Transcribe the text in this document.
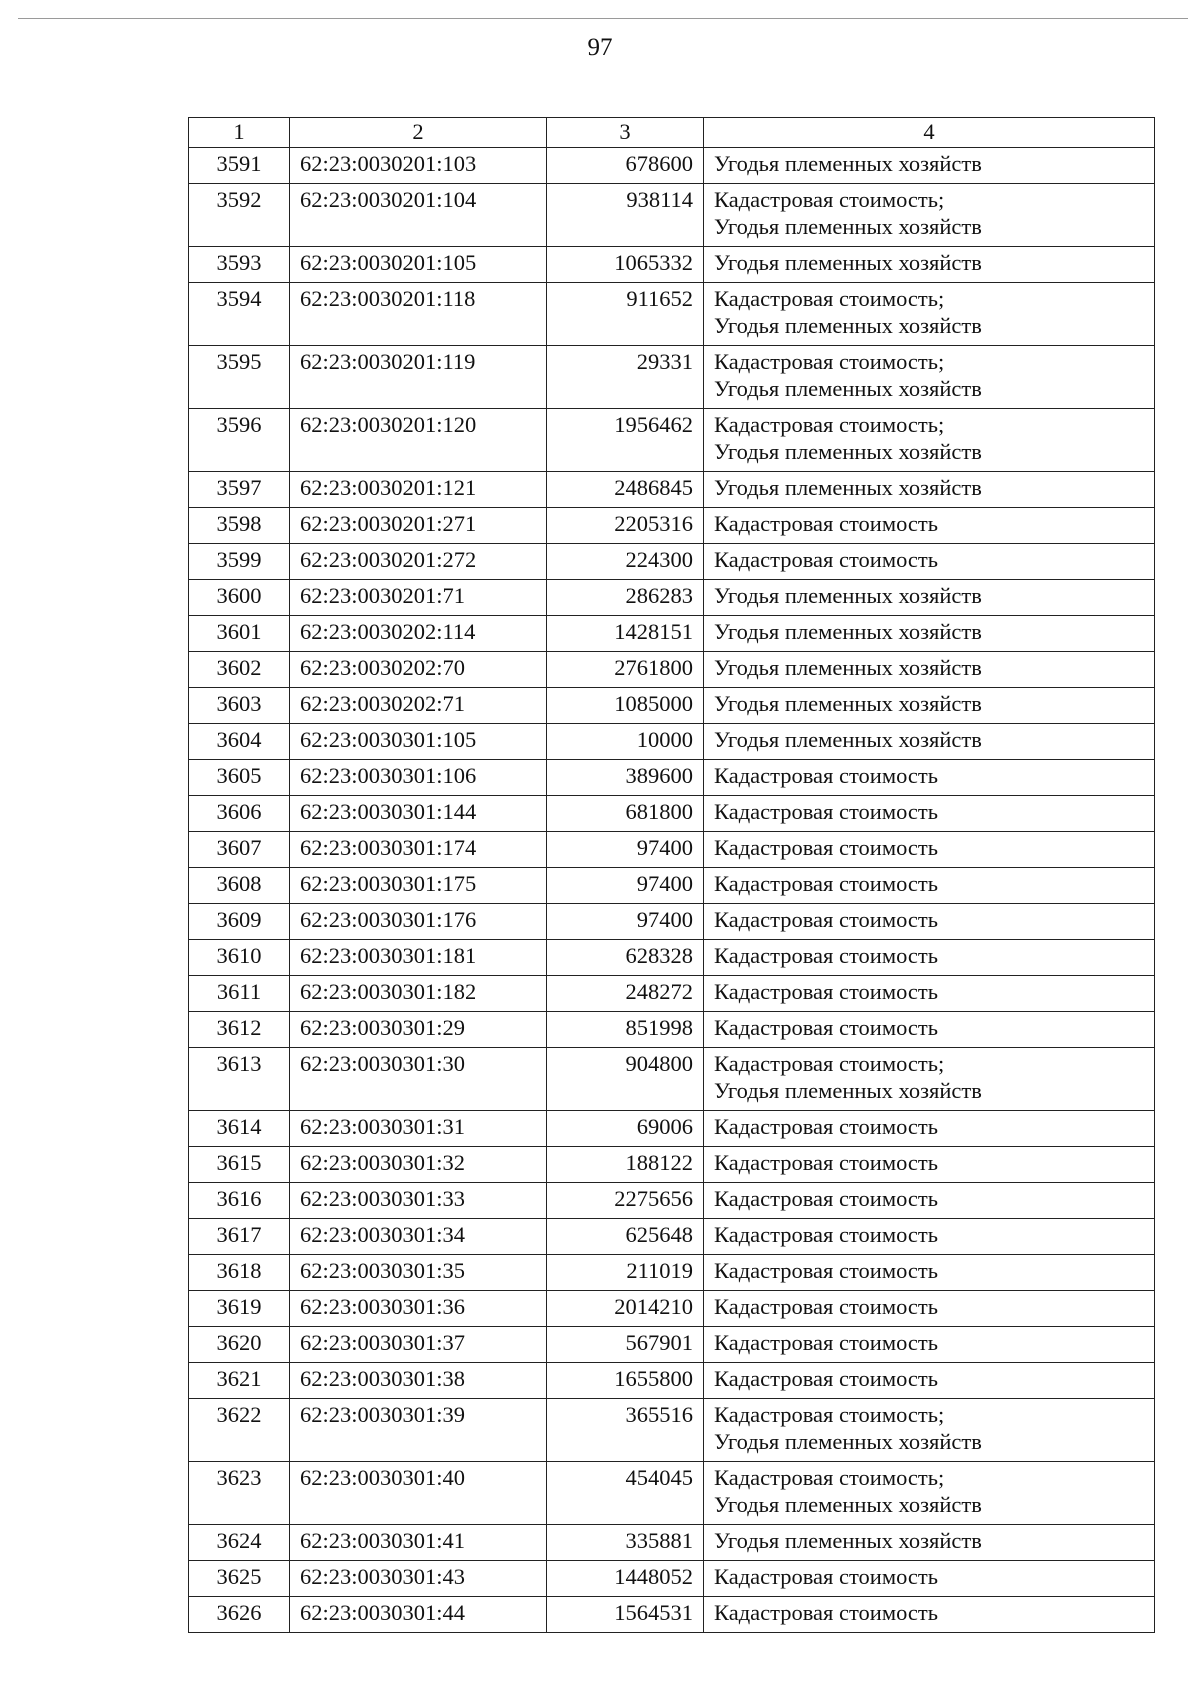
97
1	2	3	4
3591	62:23:0030201:103	678600	Угодья племенных хозяйств

3592	62:23:0030201:104	938114	Кадастровая стоимость;
Угодья племенных хозяйств

3593	62:23:0030201:105	1065332	Угодья племенных хозяйств

3594	62:23:0030201:118	911652	Кадастровая стоимость;
Угодья племенных хозяйств

3595	62:23:0030201:119	29331	Кадастровая стоимость;
Угодья племенных хозяйств

3596	62:23:0030201:120	1956462	Кадастровая стоимость;
Угодья племенных хозяйств

3597	62:23:0030201:121	2486845	Угодья племенных хозяйств

3598	62:23:0030201:271	2205316	Кадастровая стоимость

3599	62:23:0030201:272	224300	Кадастровая стоимость

3600	62:23:0030201:71	286283	Угодья племенных хозяйств

3601	62:23:0030202:114	1428151	Угодья племенных хозяйств

3602	62:23:0030202:70	2761800	Угодья племенных хозяйств

3603	62:23:0030202:71	1085000	Угодья племенных хозяйств

3604	62:23:0030301:105	10000	Угодья племенных хозяйств

3605	62:23:0030301:106	389600	Кадастровая стоимость

3606	62:23:0030301:144	681800	Кадастровая стоимость

3607	62:23:0030301:174	97400	Кадастровая стоимость

3608	62:23:0030301:175	97400	Кадастровая стоимость

3609	62:23:0030301:176	97400	Кадастровая стоимость

3610	62:23:0030301:181	628328	Кадастровая стоимость

3611	62:23:0030301:182	248272	Кадастровая стоимость

3612	62:23:0030301:29	851998	Кадастровая стоимость

3613	62:23:0030301:30	904800	Кадастровая стоимость;
Угодья племенных хозяйств

3614	62:23:0030301:31	69006	Кадастровая стоимость

3615	62:23:0030301:32	188122	Кадастровая стоимость

3616	62:23:0030301:33	2275656	Кадастровая стоимость

3617	62:23:0030301:34	625648	Кадастровая стоимость

3618	62:23:0030301:35	211019	Кадастровая стоимость

3619	62:23:0030301:36	2014210	Кадастровая стоимость

3620	62:23:0030301:37	567901	Кадастровая стоимость

3621	62:23:0030301:38	1655800	Кадастровая стоимость

3622	62:23:0030301:39	365516	Кадастровая стоимость;
Угодья племенных хозяйств

3623	62:23:0030301:40	454045	Кадастровая стоимость;
Угодья племенных хозяйств

3624	62:23:0030301:41	335881	Угодья племенных хозяйств

3625	62:23:0030301:43	1448052	Кадастровая стоимость

3626	62:23:0030301:44	1564531	Кадастровая стоимость
